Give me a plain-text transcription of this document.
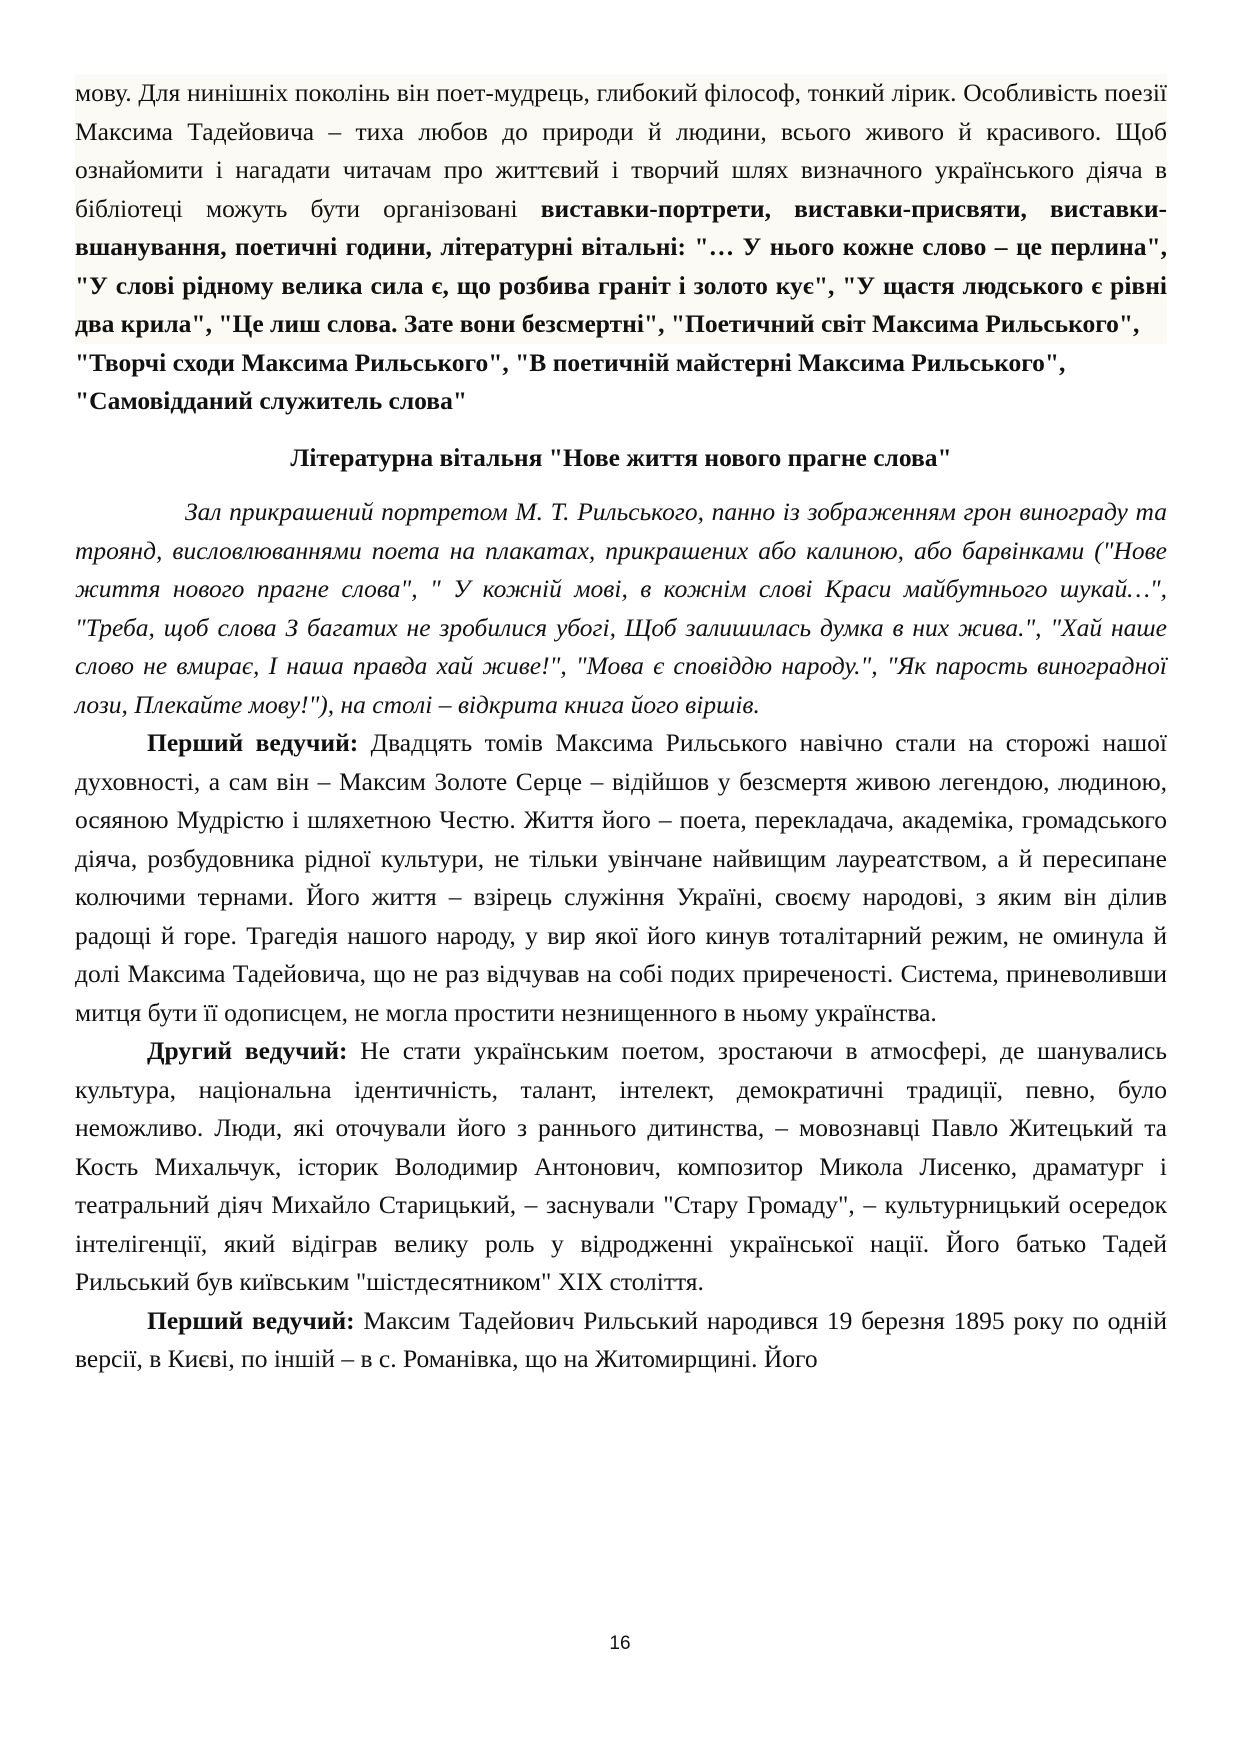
мову. Для нинішніх поколінь він поет-мудрець, глибокий філософ, тонкий лірик. Особливість поезії Максима Тадейовича – тиха любов до природи й людини, всього живого й красивого. Щоб ознайомити і нагадати читачам про життєвий і творчий шлях визначного українського діяча в бібліотеці можуть бути організовані виставки-портрети, виставки-присвяти, виставки-вшанування, поетичні години, літературні вітальні: "… У нього кожне слово – це перлина", "У слові рідному велика сила є, що розбива граніт і золото кує", "У щастя людського є рівні два крила", "Це лиш слова. Зате вони безсмертні", "Поетичний світ Максима Рильського",

"Творчі сходи Максима Рильського", "В поетичній майстерні Максима Рильського", "Самовідданий служитель слова"

Літературна вітальня "Нове життя нового прагне слова"

Зал прикрашений портретом М. Т. Рильського, панно із зображенням грон винограду та троянд, висловлюваннями поета на плакатах, прикрашених або калиною, або барвінками ("Нове життя нового прагне слова", " У кожній мові, в кожнім слові Краси майбутнього шукай…", "Треба, щоб слова З багатих не зробилися убогі, Щоб залишилась думка в них жива.", "Хай наше слово не вмирає, І наша правда хай живе!", "Мова є сповіддю народу.", "Як парость виноградної лози, Плекайте мову!"), на столі – відкрита книга його віршів.

Перший ведучий: Двадцять томів Максима Рильського навічно стали на сторожі нашої духовності, а сам він – Максим Золоте Серце – відійшов у безсмертя живою легендою, людиною, осяяною Мудрістю і шляхетною Честю. Життя його – поета, перекладача, академіка, громадського діяча, розбудовника рідної культури, не тільки увінчане найвищим лауреатством, а й пересипане колючими тернами. Його життя – взірець служіння Україні, своєму народові, з яким він ділив радощі й горе. Трагедія нашого народу, у вир якої його кинув тоталітарний режим, не оминула й долі Максима Тадейовича, що не раз відчував на собі подих приреченості. Система, приневоливши митця бути її одописцем, не могла простити незнищенного в ньому українства.

Другий ведучий: Не стати українським поетом, зростаючи в атмосфері, де шанувались культура, національна ідентичність, талант, інтелект, демократичні традиції, певно, було неможливо. Люди, які оточували його з раннього дитинства, – мовознавці Павло Житецький та Кость Михальчук, історик Володимир Антонович, композитор Микола Лисенко, драматург і театральний діяч Михайло Старицький, – заснували "Стару Громаду", – культурницький осередок інтелігенції, який відіграв велику роль у відродженні української нації. Його батько Тадей Рильський був київським "шістдесятником" XIX століття.

Перший ведучий: Максим Тадейович Рильський народився 19 березня 1895 року по одній версії, в Києві, по іншій – в с. Романівка, що на Житомирщині. Його

16
